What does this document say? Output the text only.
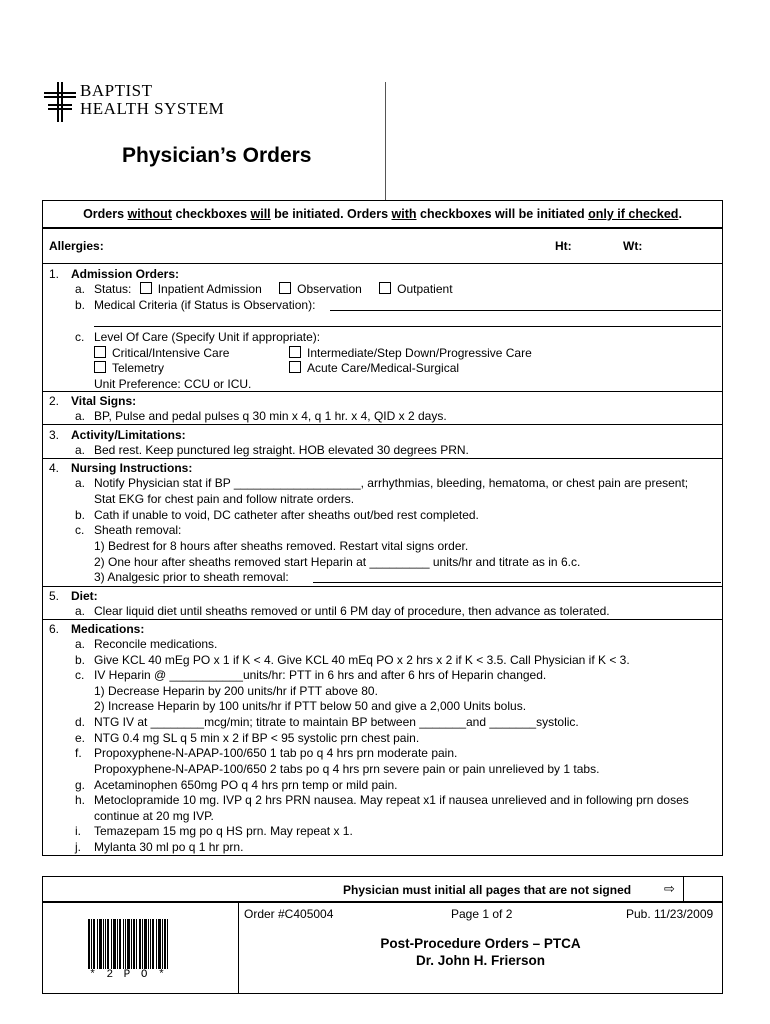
BAPTIST
HEALTH SYSTEM
Physician’s Orders
Orders without checkboxes will be initiated. Orders with checkboxes will be initiated only if checked.
Allergies:	Ht:	Wt:
1. Admission Orders:
a. Status: Inpatient Admission	Observation	Outpatient
b. Medical Criteria (if Status is Observation):
c. Level Of Care (Specify Unit if appropriate):
Critical/Intensive Care	Intermediate/Step Down/Progressive Care
Telemetry	Acute Care/Medical-Surgical
Unit Preference: CCU or ICU.
2. Vital Signs:
a. BP, Pulse and pedal pulses q 30 min x 4, q 1 hr. x 4, QID x 2 days.
3. Activity/Limitations:
a. Bed rest. Keep punctured leg straight. HOB elevated 30 degrees PRN.
4. Nursing Instructions:
a. Notify Physician stat if BP ___________________, arrhythmias, bleeding, hematoma, or chest pain are present;
Stat EKG for chest pain and follow nitrate orders.
b. Cath if unable to void, DC catheter after sheaths out/bed rest completed.
c. Sheath removal:
1) Bedrest for 8 hours after sheaths removed. Restart vital signs order.
2) One hour after sheaths removed start Heparin at _________ units/hr and titrate as in 6.c.
3) Analgesic prior to sheath removal:
5. Diet:
a. Clear liquid diet until sheaths removed or until 6 PM day of procedure, then advance as tolerated.
6. Medications:
a. Reconcile medications.
b. Give KCL 40 mEg PO x 1 if K < 4. Give KCL 40 mEq PO x 2 hrs x 2 if K < 3.5. Call Physician if K < 3.
c. IV Heparin @ ___________units/hr: PTT in 6 hrs and after 6 hrs of Heparin changed.
1) Decrease Heparin by 200 units/hr if PTT above 80.
2) Increase Heparin by 100 units/hr if PTT below 50 and give a 2,000 Units bolus.
d. NTG IV at ________mcg/min; titrate to maintain BP between _______and _______systolic.
e. NTG 0.4 mg SL q 5 min x 2 if BP < 95 systolic prn chest pain.
f. Propoxyphene-N-APAP-100/650 1 tab po q 4 hrs prn moderate pain.
Propoxyphene-N-APAP-100/650 2 tabs po q 4 hrs prn severe pain or pain unrelieved by 1 tabs.
g. Acetaminophen 650mg PO q 4 hrs prn temp or mild pain.
h. Metoclopramide 10 mg. IVP q 2 hrs PRN nausea. May repeat x1 if nausea unrelieved and in following prn doses
continue at 20 mg IVP.
i. Temazepam 15 mg po q HS prn. May repeat x 1.
j. Mylanta 30 ml po q 1 hr prn.
Physician must initial all pages that are not signed	⇨
* 2 P O *
Order #C405004	Page 1 of 2	Pub. 11/23/2009
Post-Procedure Orders – PTCA
Dr. John H. Frierson
